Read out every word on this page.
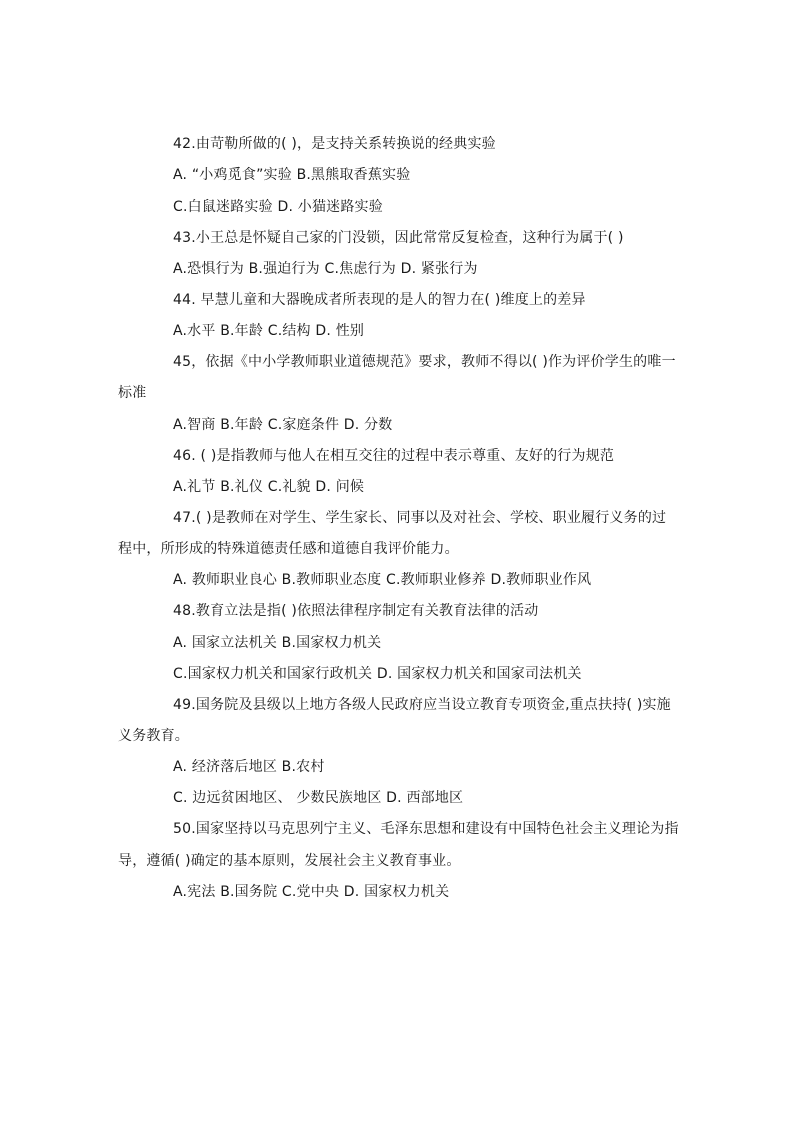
42.由苛勒所做的( )，是支持关系转换说的经典实验
A. “小鸡觅食”实验 B.黑熊取香蕉实验
C.白鼠迷路实验 D. 小猫迷路实验
43.小王总是怀疑自己家的门没锁，因此常常反复检查，这种行为属于( )
A.恐惧行为 B.强迫行为 C.焦虑行为 D. 紧张行为
44. 早慧儿童和大器晚成者所表现的是人的智力在( )维度上的差异
A.水平 B.年龄 C.结构 D. 性别
45，依据《中小学教师职业道德规范》要求，教师不得以( )作为评价学生的唯一
标准
A.智商 B.年龄 C.家庭条件 D. 分数
46. ( )是指教师与他人在相互交往的过程中表示尊重、友好的行为规范
A.礼节 B.礼仪 C.礼貌 D. 问候
47.( )是教师在对学生、学生家长、同事以及对社会、学校、职业履行义务的过
程中，所形成的特殊道德责任感和道德自我评价能力。
A. 教师职业良心 B.教师职业态度 C.教师职业修养 D.教师职业作风
48.教育立法是指( )依照法律程序制定有关教育法律的活动
A. 国家立法机关 B.国家权力机关
C.国家权力机关和国家行政机关 D. 国家权力机关和国家司法机关
49.国务院及县级以上地方各级人民政府应当设立教育专项资金,重点扶持( )实施
义务教育。
A. 经济落后地区 B.农村
C. 边远贫困地区、 少数民族地区 D. 西部地区
50.国家坚持以马克思列宁主义、毛泽东思想和建设有中国特色社会主义理论为指
导，遵循( )确定的基本原则，发展社会主义教育事业。
A.宪法 B.国务院 C.党中央 D. 国家权力机关
